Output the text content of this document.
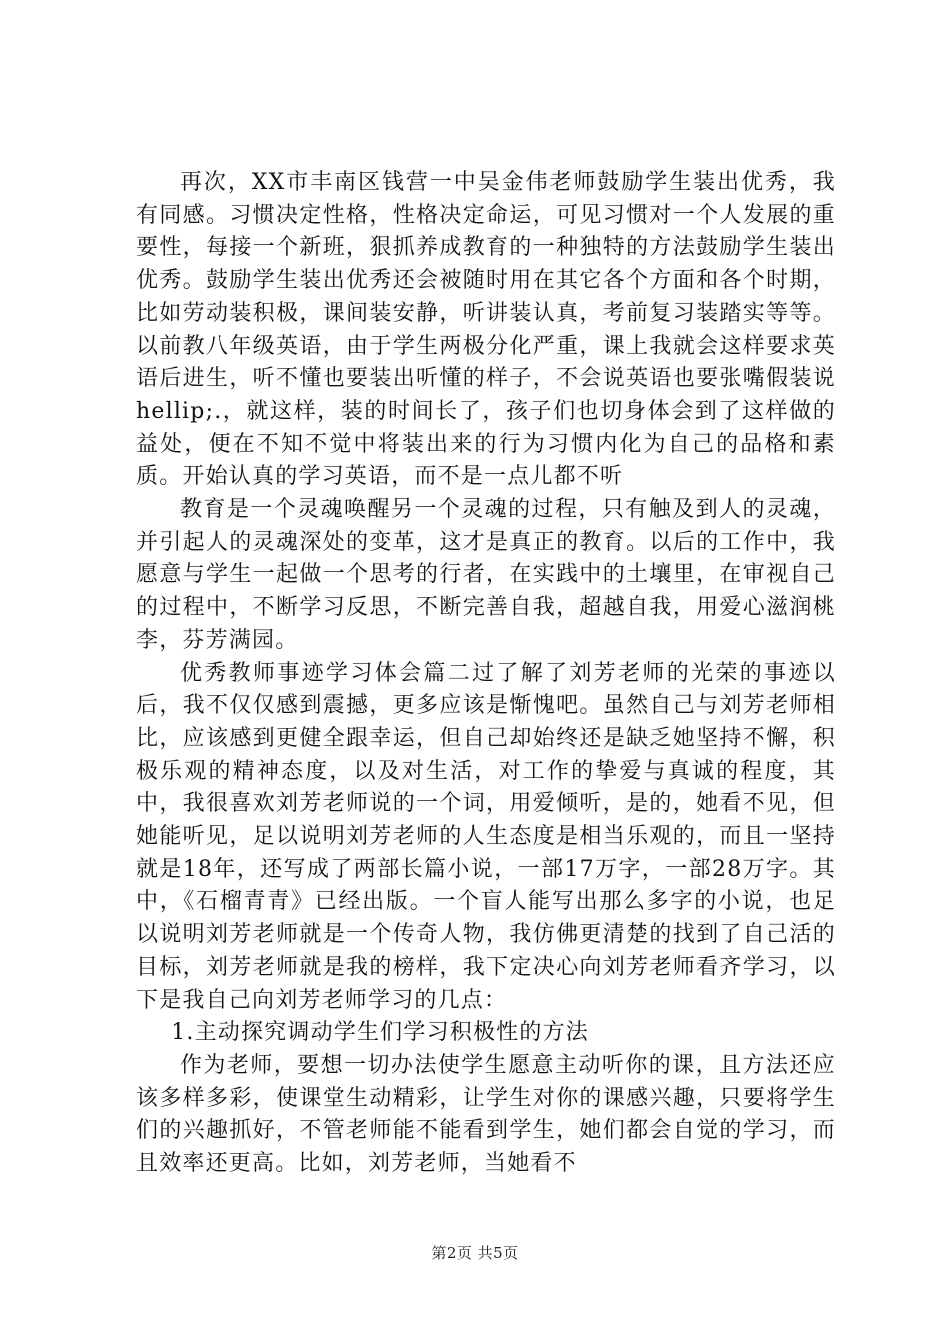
再次，XX市丰南区钱营一中吴金伟老师鼓励学生装出优秀，我有同感。习惯决定性格，性格决定命运，可见习惯对一个人发展的重要性，每接一个新班，狠抓养成教育的一种独特的方法鼓励学生装出优秀。鼓励学生装出优秀还会被随时用在其它各个方面和各个时期，比如劳动装积极，课间装安静，听讲装认真，考前复习装踏实等等。以前教八年级英语，由于学生两极分化严重，课上我就会这样要求英语后进生，听不懂也要装出听懂的样子，不会说英语也要张嘴假装说hellip;.，就这样，装的时间长了，孩子们也切身体会到了这样做的益处，便在不知不觉中将装出来的行为习惯内化为自己的品格和素质。开始认真的学习英语，而不是一点儿都不听

教育是一个灵魂唤醒另一个灵魂的过程，只有触及到人的灵魂，并引起人的灵魂深处的变革，这才是真正的教育。以后的工作中，我愿意与学生一起做一个思考的行者，在实践中的土壤里，在审视自己的过程中，不断学习反思，不断完善自我，超越自我，用爱心滋润桃李，芬芳满园。

优秀教师事迹学习体会篇二过了解了刘芳老师的光荣的事迹以后，我不仅仅感到震撼，更多应该是惭愧吧。虽然自己与刘芳老师相比，应该感到更健全跟幸运，但自己却始终还是缺乏她坚持不懈，积极乐观的精神态度，以及对生活，对工作的挚爱与真诚的程度，其中，我很喜欢刘芳老师说的一个词，用爱倾听，是的，她看不见，但她能听见，足以说明刘芳老师的人生态度是相当乐观的，而且一坚持就是18年，还写成了两部长篇小说，一部17万字，一部28万字。其中，《石榴青青》已经出版。一个盲人能写出那么多字的小说，也足以说明刘芳老师就是一个传奇人物，我仿佛更清楚的找到了自己活的目标，刘芳老师就是我的榜样，我下定决心向刘芳老师看齐学习，以下是我自己向刘芳老师学习的几点：

1.主动探究调动学生们学习积极性的方法

作为老师，要想一切办法使学生愿意主动听你的课，且方法还应该多样多彩，使课堂生动精彩，让学生对你的课感兴趣，只要将学生们的兴趣抓好，不管老师能不能看到学生，她们都会自觉的学习，而且效率还更高。比如，刘芳老师，当她看不

第2页 共5页
